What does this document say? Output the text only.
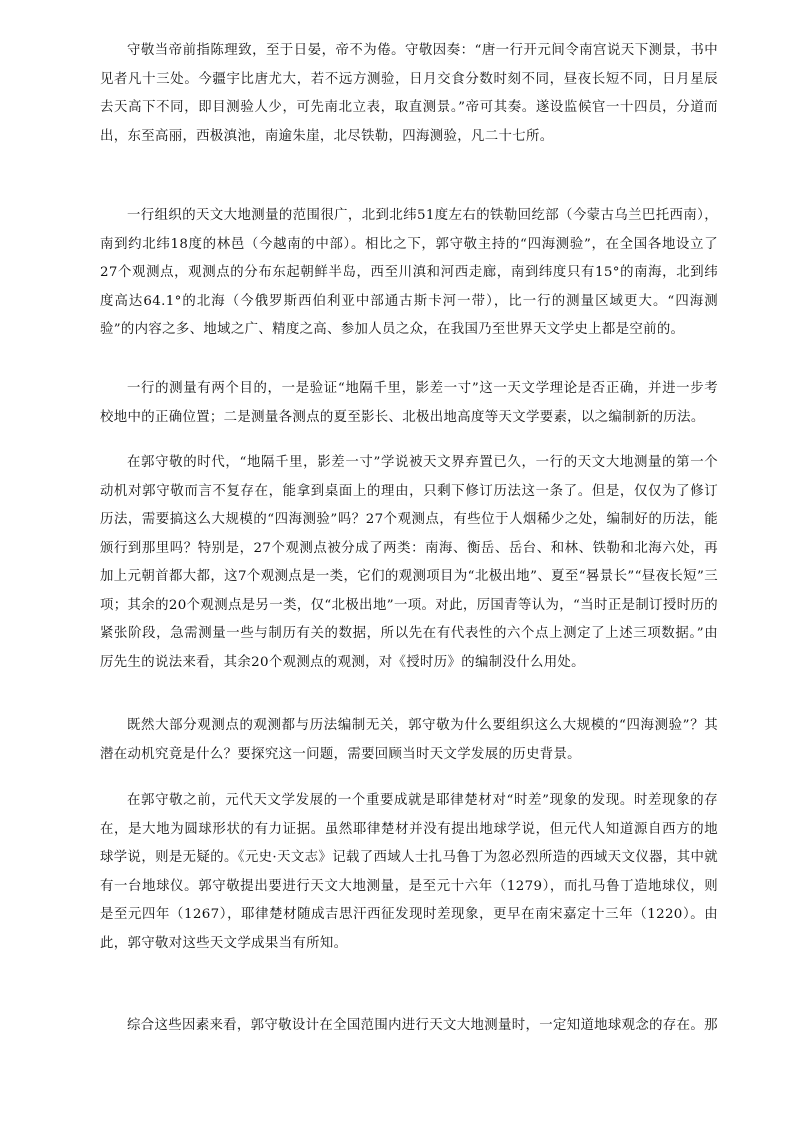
守敬当帝前指陈理致，至于日晏，帝不为倦。守敬因奏：“唐一行开元间令南宫说天下测景，书中见者凡十三处。今疆宇比唐尤大，若不远方测验，日月交食分数时刻不同，昼夜长短不同，日月星辰去天高下不同，即目测验人少，可先南北立表，取直测景。”帝可其奏。遂设监候官一十四员，分道而出，东至高丽，西极滇池，南逾朱崖，北尽铁勒，四海测验，凡二十七所。

一行组织的天文大地测量的范围很广，北到北纬51度左右的铁勒回纥部（今蒙古乌兰巴托西南），南到约北纬18度的林邑（今越南的中部）。相比之下，郭守敬主持的“四海测验”，在全国各地设立了27个观测点，观测点的分布东起朝鲜半岛，西至川滇和河西走廊，南到纬度只有15°的南海，北到纬度高达64.1°的北海（今俄罗斯西伯利亚中部通古斯卡河一带），比一行的测量区域更大。“四海测验”的内容之多、地域之广、精度之高、参加人员之众，在我国乃至世界天文学史上都是空前的。

一行的测量有两个目的，一是验证“地隔千里，影差一寸”这一天文学理论是否正确，并进一步考校地中的正确位置；二是测量各测点的夏至影长、北极出地高度等天文学要素，以之编制新的历法。

在郭守敬的时代，“地隔千里，影差一寸”学说被天文界弃置已久，一行的天文大地测量的第一个动机对郭守敬而言不复存在，能拿到桌面上的理由，只剩下修订历法这一条了。但是，仅仅为了修订历法，需要搞这么大规模的“四海测验”吗？27个观测点，有些位于人烟稀少之处，编制好的历法，能颁行到那里吗？特别是，27个观测点被分成了两类：南海、衡岳、岳台、和林、铁勒和北海六处，再加上元朝首都大都，这7个观测点是一类，它们的观测项目为“北极出地”、夏至“晷景长”“昼夜长短”三项；其余的20个观测点是另一类，仅“北极出地”一项。对此，厉国青等认为，“当时正是制订授时历的紧张阶段，急需测量一些与制历有关的数据，所以先在有代表性的六个点上测定了上述三项数据。”由厉先生的说法来看，其余20个观测点的观测，对《授时历》的编制没什么用处。

既然大部分观测点的观测都与历法编制无关，郭守敬为什么要组织这么大规模的“四海测验”？其潜在动机究竟是什么？要探究这一问题，需要回顾当时天文学发展的历史背景。

在郭守敬之前，元代天文学发展的一个重要成就是耶律楚材对“时差”现象的发现。时差现象的存在，是大地为圆球形状的有力证据。虽然耶律楚材并没有提出地球学说，但元代人知道源自西方的地球学说，则是无疑的。《元史·天文志》记载了西域人士扎马鲁丁为忽必烈所造的西域天文仪器，其中就有一台地球仪。郭守敬提出要进行天文大地测量，是至元十六年（1279），而扎马鲁丁造地球仪，则是至元四年（1267），耶律楚材随成吉思汗西征发现时差现象，更早在南宋嘉定十三年（1220）。由此，郭守敬对这些天文学成果当有所知。

综合这些因素来看，郭守敬设计在全国范围内进行天文大地测量时，一定知道地球观念的存在。那
